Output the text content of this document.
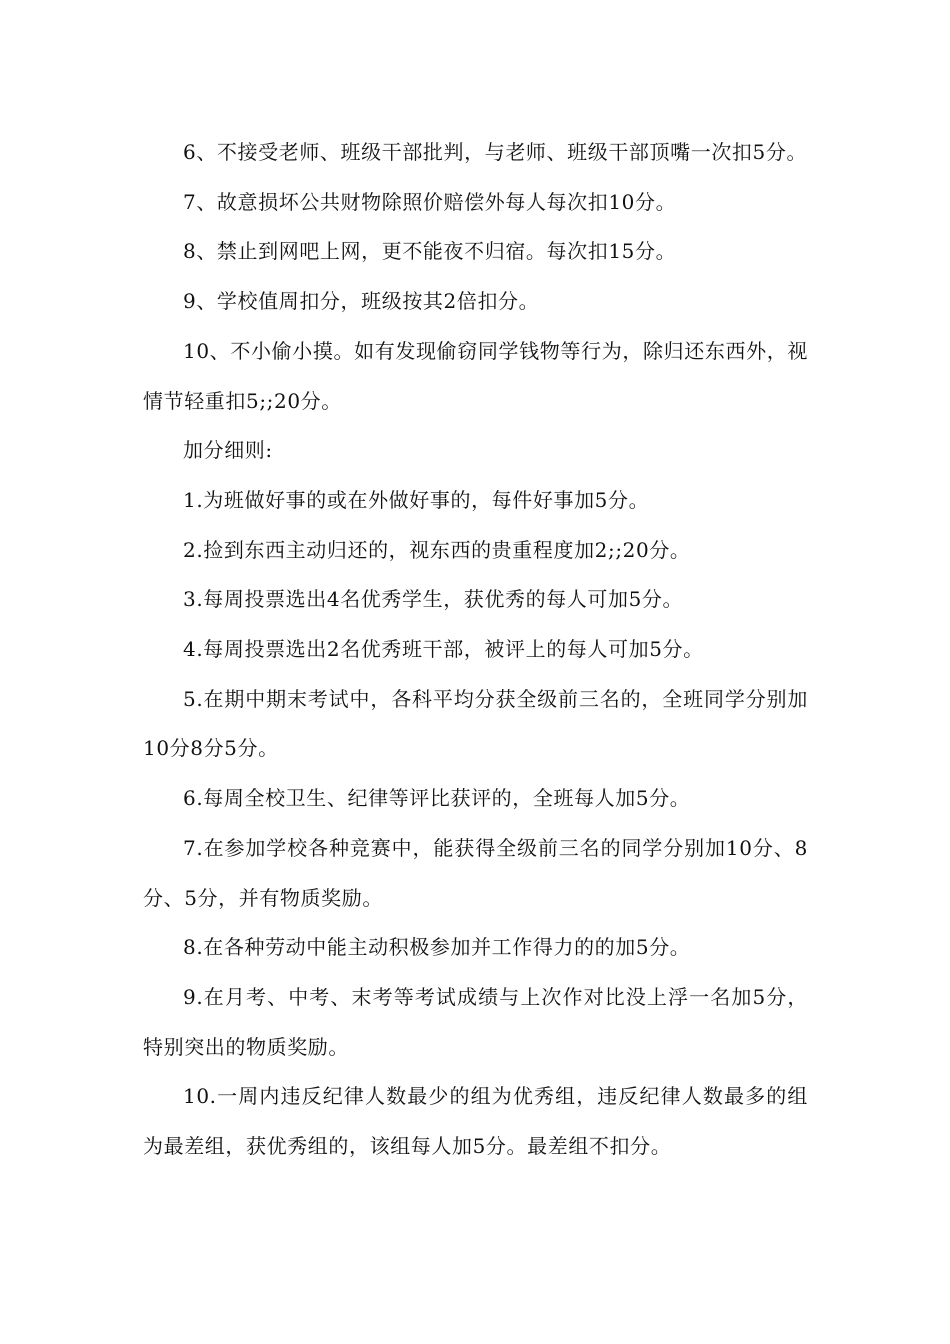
6、不接受老师、班级干部批判，与老师、班级干部顶嘴一次扣5分。

7、故意损坏公共财物除照价赔偿外每人每次扣10分。

8、禁止到网吧上网，更不能夜不归宿。每次扣15分。

9、学校值周扣分，班级按其2倍扣分。

10、不小偷小摸。如有发现偷窃同学钱物等行为，除归还东西外，视情节轻重扣5;;20分。

加分细则:

1.为班做好事的或在外做好事的，每件好事加5分。

2.捡到东西主动归还的，视东西的贵重程度加2;;20分。

3.每周投票选出4名优秀学生，获优秀的每人可加5分。

4.每周投票选出2名优秀班干部，被评上的每人可加5分。

5.在期中期末考试中，各科平均分获全级前三名的，全班同学分别加10分8分5分。

6.每周全校卫生、纪律等评比获评的，全班每人加5分。

7.在参加学校各种竞赛中，能获得全级前三名的同学分别加10分、8分、5分，并有物质奖励。

8.在各种劳动中能主动积极参加并工作得力的的加5分。

9.在月考、中考、末考等考试成绩与上次作对比没上浮一名加5分，特别突出的物质奖励。

10.一周内违反纪律人数最少的组为优秀组，违反纪律人数最多的组为最差组，获优秀组的，该组每人加5分。最差组不扣分。
